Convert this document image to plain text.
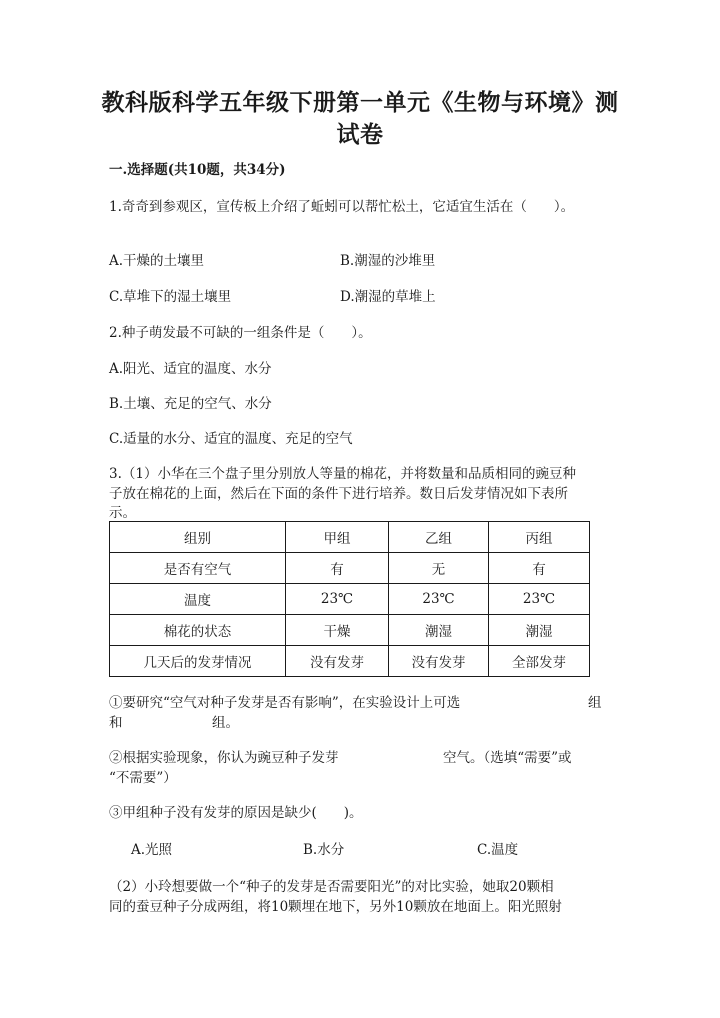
教科版科学五年级下册第一单元《生物与环境》测
试卷
一.选择题(共10题，共34分)
1.奇奇到参观区，宣传板上介绍了蚯蚓可以帮忙松土，它适宜生活在（　　）。
A.干燥的土壤里	B.潮湿的沙堆里
C.草堆下的湿土壤里	D.潮湿的草堆上
2.种子萌发最不可缺的一组条件是（　　）。
A.阳光、适宜的温度、水分
B.土壤、充足的空气、水分
C.适量的水分、适宜的温度、充足的空气
3.（1）小华在三个盘子里分别放人等量的棉花，并将数量和品质相同的豌豆种
子放在棉花的上面，然后在下面的条件下进行培养。数日后发芽情况如下表所
示。
组别	甲组	乙组	丙组
是否有空气	有	无	有
温度	23℃	23℃	23℃
棉花的状态	干燥	潮湿	潮湿
几天后的发芽情况	没有发芽	没有发芽	全部发芽
①要研究“空气对种子发芽是否有影响”，在实验设计上可选	组
和	组。
②根据实验现象，你认为豌豆种子发芽	空气。（选填“需要”或
“不需要”）
③甲组种子没有发芽的原因是缺少(　　)。
A.光照	B.水分	C.温度
（2）小玲想要做一个“种子的发芽是否需要阳光”的对比实验，她取20颗相
同的蚕豆种子分成两组，将10颗埋在地下，另外10颗放在地面上。阳光照射
